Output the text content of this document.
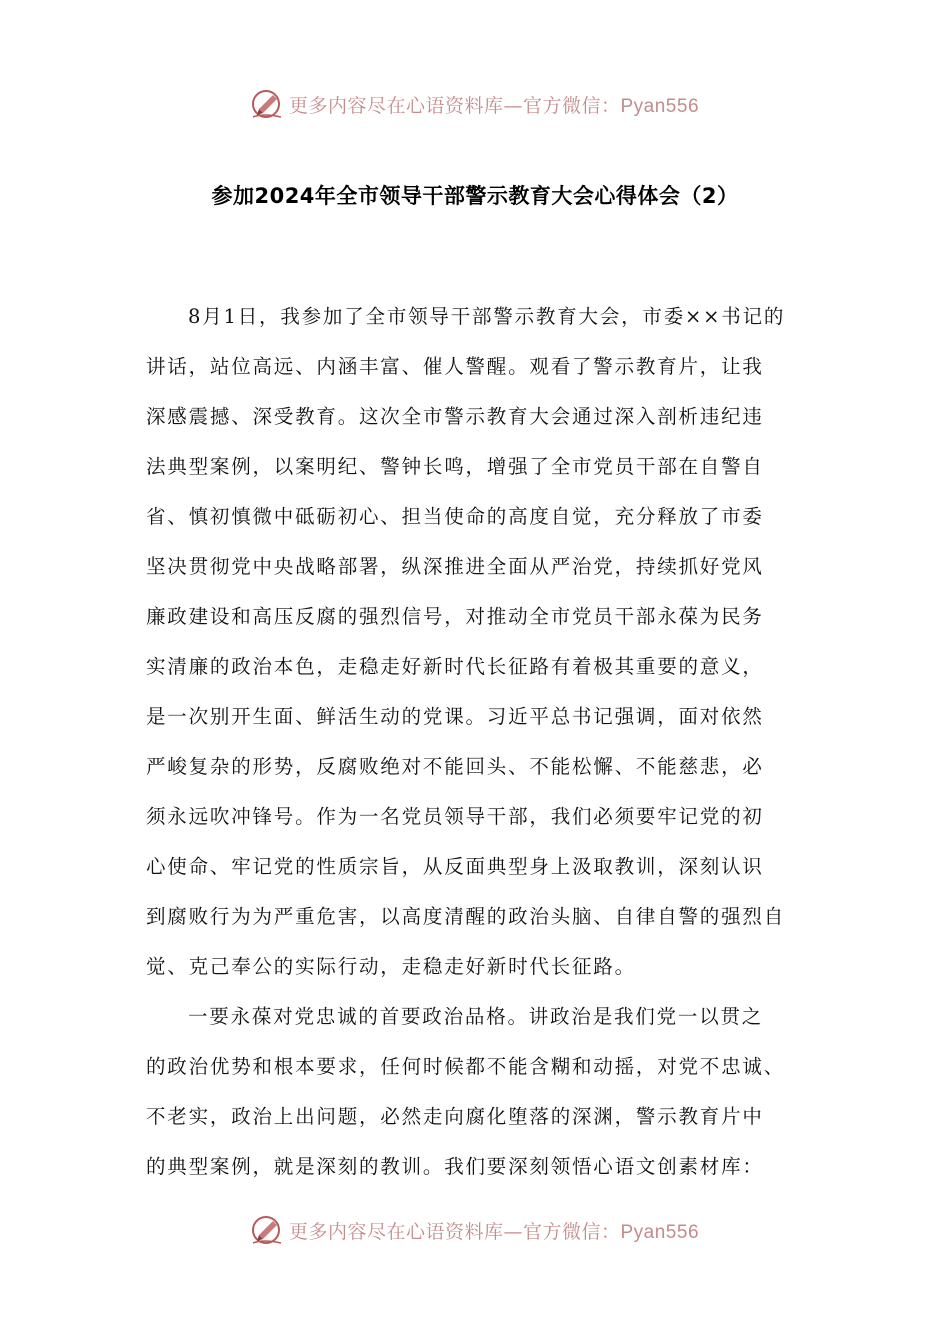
更多内容尽在心语资料库—官方微信：Pyan556
参加2024年全市领导干部警示教育大会心得体会（2）
8月1日，我参加了全市领导干部警示教育大会，市委××书记的
讲话，站位高远、内涵丰富、催人警醒。观看了警示教育片，让我
深感震撼、深受教育。这次全市警示教育大会通过深入剖析违纪违
法典型案例，以案明纪、警钟长鸣，增强了全市党员干部在自警自
省、慎初慎微中砥砺初心、担当使命的高度自觉，充分释放了市委
坚决贯彻党中央战略部署，纵深推进全面从严治党，持续抓好党风
廉政建设和高压反腐的强烈信号，对推动全市党员干部永葆为民务
实清廉的政治本色，走稳走好新时代长征路有着极其重要的意义，
是一次别开生面、鲜活生动的党课。习近平总书记强调，面对依然
严峻复杂的形势，反腐败绝对不能回头、不能松懈、不能慈悲，必
须永远吹冲锋号。作为一名党员领导干部，我们必须要牢记党的初
心使命、牢记党的性质宗旨，从反面典型身上汲取教训，深刻认识
到腐败行为为严重危害，以高度清醒的政治头脑、自律自警的强烈自
觉、克己奉公的实际行动，走稳走好新时代长征路。
一要永葆对党忠诚的首要政治品格。讲政治是我们党一以贯之
的政治优势和根本要求，任何时候都不能含糊和动摇，对党不忠诚、
不老实，政治上出问题，必然走向腐化堕落的深渊，警示教育片中
的典型案例，就是深刻的教训。我们要深刻领悟心语文创素材库：
更多内容尽在心语资料库—官方微信：Pyan556
